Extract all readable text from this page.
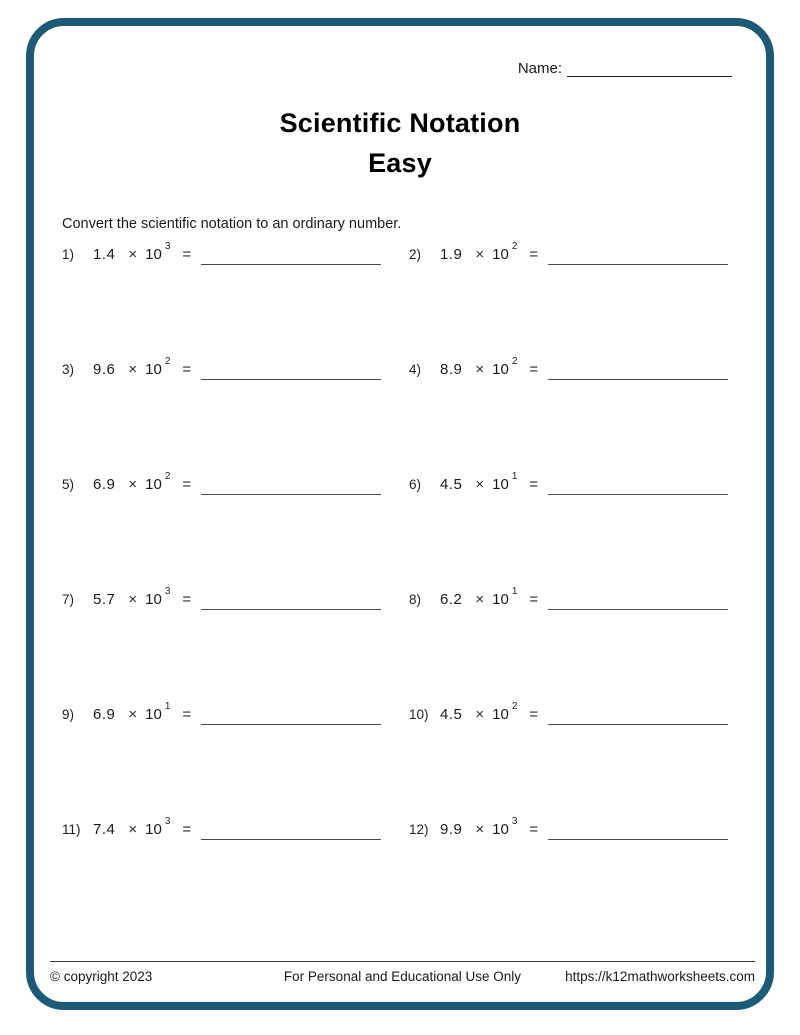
Name:
Scientific Notation
Easy
Convert the scientific notation to an ordinary number.
1)	1.4 × 10 3 =	2)	1.9 × 10 2 =
3)	9.6 × 10 2 =	4)	8.9 × 10 2 =
5)	6.9 × 10 2 =	6)	4.5 × 10 1 =
7)	5.7 × 10 3 =	8)	6.2 × 10 1 =
9)	6.9 × 10 1 =	10) 4.5 × 10 2 =
11) 7.4 × 10 3 =	12) 9.9 × 10 3 =
© copyright 2023	For Personal and Educational Use Only	https://k12mathworksheets.com
